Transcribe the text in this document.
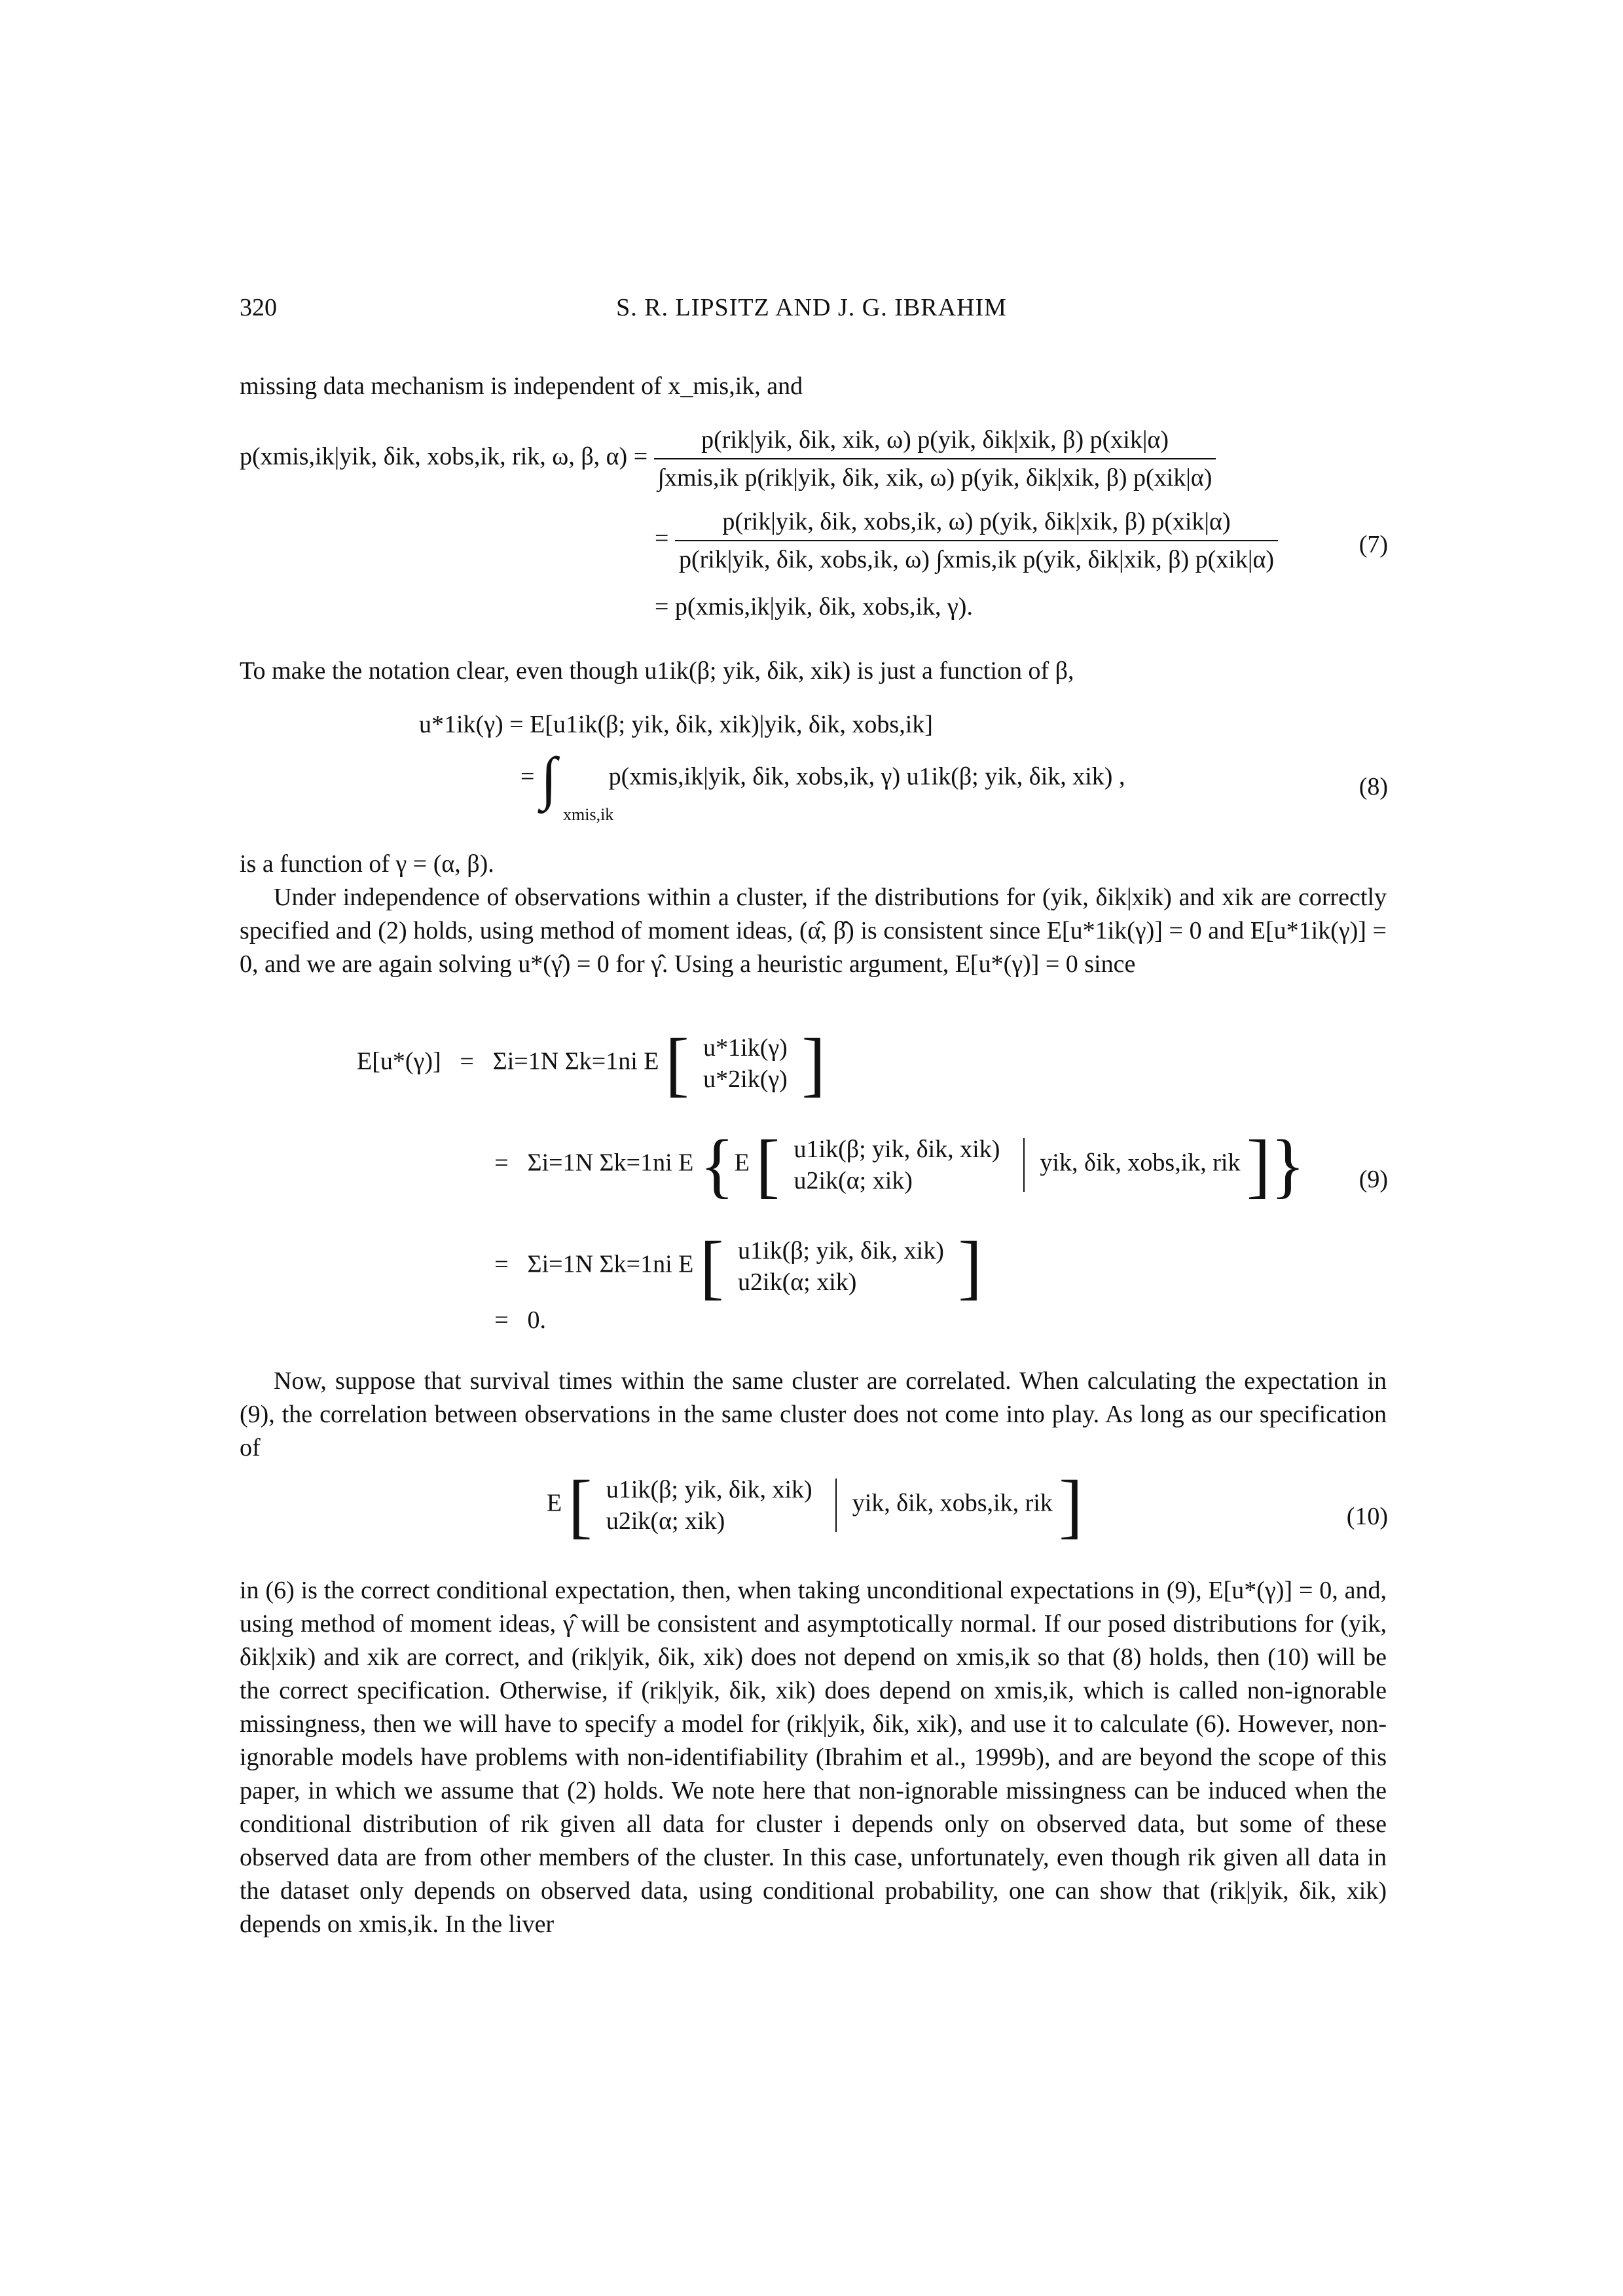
320	S. R. LIPSITZ AND J. G. IBRAHIM
missing data mechanism is independent of x_mis,ik, and
p(xmis,ik|yik, δik, xobs,ik, rik, ω, β, $\alpha) = \frac{\text{p(rik|yik, δik, xik, ω) p(yik, δik|xik, β) p(xik|α)}}{\text{∫xmis,ik p(rik|yik, δik, xik, ω) p(yik, δik|xik, β) p(xik|α)}}$
=
p(rik|yik, δik, xobs,ik, ω) p(yik, δik|xik, β) p(xik|α)
p(rik|yik, δik, xobs,ik, ω) ∫xmis,ik p(yik, δik|xik, β) p(xik|α)
(7)
= p(xmis,ik|yik, δik, xobs,ik, γ).
To make the notation clear, even though u1ik(β; yik, δik, xik) is just a function of β,
u*1ik(γ) = E[u1ik(β; yik, δik, xik)|yik, δik, xobs,ik]
= ∫ p(xmis,ik|yik, δik, xobs,ik, γ) u1ik(β; yik, δik, xik) ,
xmis,ik
(8)
is a function of γ = (α, β).
Under independence of observations within a cluster, if the distributions for (yik, δik|xik) and xik are correctly specified and (2) holds, using method of moment ideas, (α̂, β̂) is consistent since E[u*1ik(γ)] = 0 and E[u*1ik(γ)] = 0, and we are again solving u*(γ̂) = 0 for γ̂. Using a heuristic argument, E[u*(γ)] = 0 since
E[u*(γ)] = Σi=1N Σk=1ni E [ u*1ik(γ)
u*2ik(γ) ]
= Σi=1N Σk=1ni E {E [ u1ik(β; yik, δik, xik)
u2ik(α; xik)
yik, δik, xobs,ik, rik ]}	(9)
= Σi=1N Σk=1ni E [ u1ik(β; yik, δik, xik)
u2ik(α; xik)	]
= 0.
Now, suppose that survival times within the same cluster are correlated. When calculating the expectation in (9), the correlation between observations in the same cluster does not come into play. As long as our specification of
E [ u1ik(β; yik, δik, xik)
u2ik(α; xik)
yik, δik, xobs,ik, rik ]	(10)
in (6) is the correct conditional expectation, then, when taking unconditional expectations in (9), E[u*(γ)] = 0, and, using method of moment ideas, γ̂ will be consistent and asymptotically normal. If our posed distributions for (yik, δik|xik) and xik are correct, and (rik|yik, δik, xik) does not depend on xmis,ik so that (8) holds, then (10) will be the correct specification. Otherwise, if (rik|yik, δik, xik) does depend on xmis,ik, which is called non-ignorable missingness, then we will have to specify a model for (rik|yik, δik, xik), and use it to calculate (6). However, non-ignorable models have problems with non-identifiability (Ibrahim et al., 1999b), and are beyond the scope of this paper, in which we assume that (2) holds. We note here that non-ignorable missingness can be induced when the conditional distribution of rik given all data for cluster i depends only on observed data, but some of these observed data are from other members of the cluster. In this case, unfortunately, even though rik given all data in the dataset only depends on observed data, using conditional probability, one can show that (rik|yik, δik, xik) depends on xmis,ik. In the liver
